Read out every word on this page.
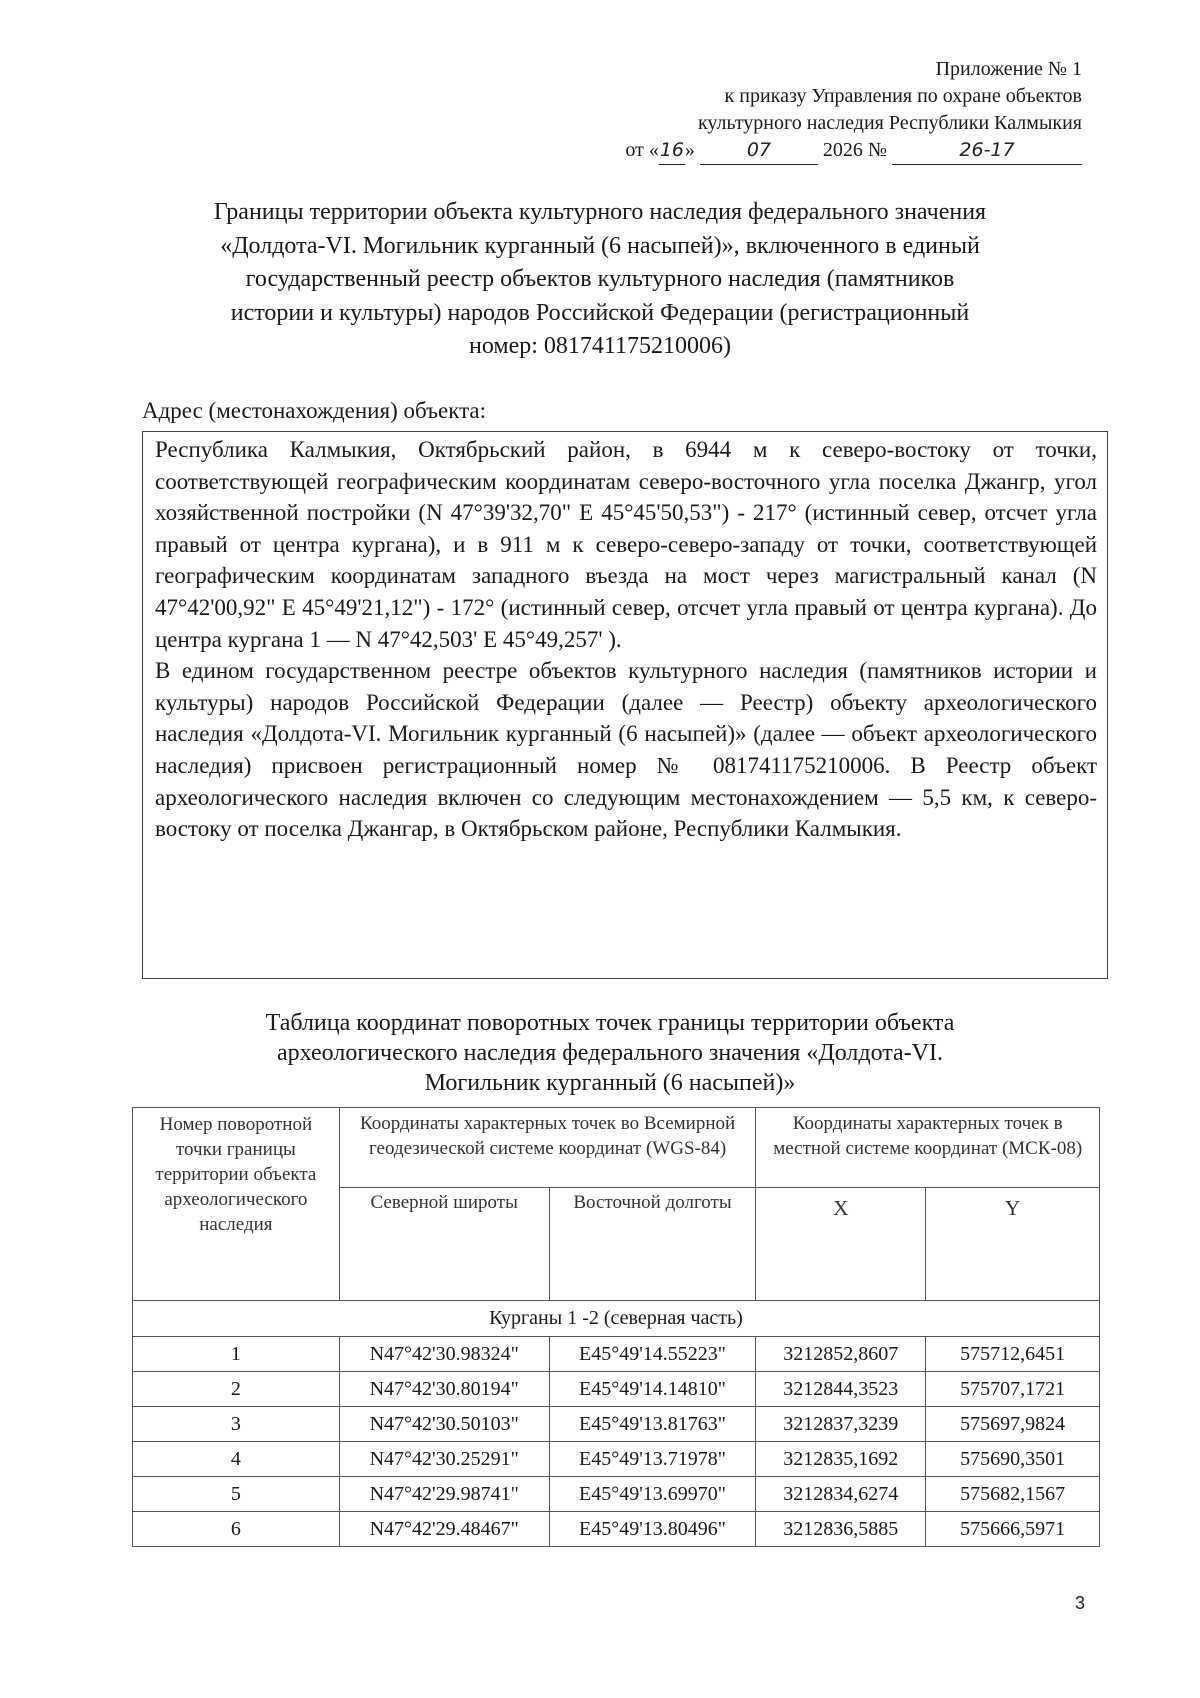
Приложение № 1
к приказу Управления по охране объектов
культурного наследия Республики Калмыкия
от «16»	07	2026 №	26-17
Границы территории объекта культурного наследия федерального значения
«Долдота-VI. Могильник курганный (6 насыпей)», включенного в единый
государственный реестр объектов культурного наследия (памятников
истории и культуры) народов Российской Федерации (регистрационный
номер: 081741175210006)
Адрес (местонахождения) объекта:

Республика Калмыкия, Октябрьский район, в 6944 м к северо-востоку от точки, соответствующей географическим координатам северо-восточного угла поселка Джангр, угол хозяйственной постройки (N 47°39'32,70" E 45°45'50,53") - 217° (истинный север, отсчет угла правый от центра кургана), и в 911 м к северо-северо-западу от точки, соответствующей географическим координатам западного въезда на мост через магистральный канал (N 47°42'00,92" E 45°49'21,12") - 172° (истинный север, отсчет угла правый от центра кургана). До центра кургана 1 — N 47°42,503' E 45°49,257' ).

В едином государственном реестре объектов культурного наследия (памятников истории и культуры) народов Российской Федерации (далее — Реестр) объекту археологического наследия «Долдота-VI. Могильник курганный (6 насыпей)» (далее — объект археологического наследия) присвоен регистрационный номер № 081741175210006. В Реестр объект археологического наследия включен со следующим местонахождением — 5,5 км, к северо-востоку от поселка Джангар, в Октябрьском районе, Республики Калмыкия.

Таблица координат поворотных точек границы территории объекта
археологического наследия федерального значения «Долдота-VI.
Могильник курганный (6 насыпей)»
Номер поворотной точки границы территории объекта археологического наследия	Координаты характерных точек во Всемирной геодезической системе координат (WGS-84)		Координаты характерных точек в местной системе координат (МСК-08)	
	Северной широты	Восточной долготы	X	Y
Курганы 1 -2 (северная часть)				
1	N47°42'30.98324"	E45°49'14.55223"	3212852,8607	575712,6451
2	N47°42'30.80194"	E45°49'14.14810"	3212844,3523	575707,1721
3	N47°42'30.50103"	E45°49'13.81763"	3212837,3239	575697,9824
4	N47°42'30.25291"	E45°49'13.71978"	3212835,1692	575690,3501
5	N47°42'29.98741"	E45°49'13.69970"	3212834,6274	575682,1567
6	N47°42'29.48467"	E45°49'13.80496"	3212836,5885	575666,5971
3
